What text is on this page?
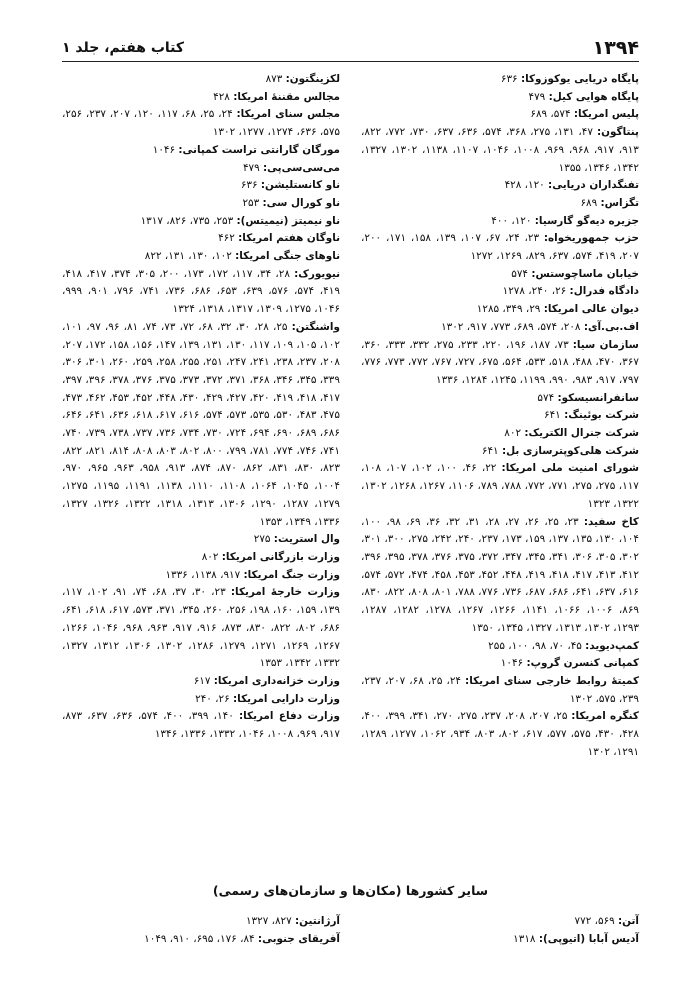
۱۳۹۴
کتاب هفتم، جلد ۱
پایگاه دریایی یوکوزوکا: ۶۳۶
پایگاه هوایی کیل: ۴۷۹
پلیس امریکا: ۵۷۴، ۶۸۹
پنتاگون: ۴۷، ۱۳۱، ۲۷۵، ۳۶۸، ۵۷۴، ۶۳۶، ۶۳۷، ۷۳۰، ۷۷۲، ۸۲۲، ۹۱۳، ۹۱۷، ۹۶۸، ۹۶۹، ۱۰۰۸، ۱۰۴۶، ۱۱۰۷، ۱۱۳۸، ۱۳۰۲، ۱۳۲۷، ۱۳۴۲، ۱۳۴۶، ۱۳۵۵
تفنگداران دریایی: ۱۲۰، ۴۲۸
تگزاس: ۶۸۹
جزیره دیه‌گو گارسیا: ۱۲۰، ۴۰۰
حزب جمهوریخواه: ۲۳، ۲۴، ۶۷، ۱۰۷، ۱۳۹، ۱۵۸، ۱۷۱، ۲۰۰، ۲۰۷، ۴۱۹، ۵۷۴، ۶۳۷، ۸۲۹، ۱۲۶۹، ۱۲۷۲
خیابان ماساچوستس: ۵۷۴
دادگاه فدرال: ۲۶، ۲۴۰، ۱۲۷۸
دیوان عالی امریکا: ۲۹، ۳۴۹، ۱۲۸۵
اف.بی.آی: ۲۰۸، ۵۷۴، ۶۸۹، ۷۷۳، ۹۱۷، ۱۳۰۲
سازمان سیا: ۷۳، ۱۸۷، ۱۹۶، ۲۲۰، ۲۳۳، ۲۷۵، ۳۳۲، ۳۳۳، ۳۶۰، ۳۶۷، ۴۷۰، ۴۸۸، ۵۱۸، ۵۳۳، ۵۶۴، ۶۷۵، ۷۲۷، ۷۶۷، ۷۷۲، ۷۷۳، ۷۷۶، ۷۹۷، ۹۱۷، ۹۸۳، ۹۹۰، ۱۱۹۹، ۱۲۴۵، ۱۲۸۴، ۱۳۳۶
سانفرانسیسکو: ۵۷۴
شرکت بوئینگ: ۶۴۱
شرکت جنرال الکتریک: ۸۰۲
شرکت هلی‌کوپترسازی بل: ۶۴۱
شورای امنیت ملی امریکا: ۲۲، ۴۶، ۱۰۰، ۱۰۲، ۱۰۷، ۱۰۸، ۱۱۷، ۲۷۵، ۲۷۵، ۷۷۱، ۷۷۲، ۷۸۸، ۷۸۹، ۱۱۰۶، ۱۲۶۷، ۱۲۶۸، ۱۳۰۲، ۱۳۲۲، ۱۳۲۳
کاخ سفید: ۲۳، ۲۵، ۲۶، ۲۷، ۲۸، ۳۱، ۳۲، ۳۶، ۶۹، ۹۸، ۱۰۰، ۱۰۴، ۱۳۰، ۱۳۵، ۱۳۷، ۱۵۹، ۱۷۳، ۲۳۷، ۲۴۰، ۲۴۲، ۲۷۵، ۳۰۰، ۳۰۱، ۳۰۲، ۳۰۵، ۳۰۶، ۳۴۱، ۳۴۵، ۳۴۷، ۳۷۲، ۳۷۵، ۳۷۶، ۳۷۸، ۳۹۵، ۳۹۶، ۴۱۲، ۴۱۳، ۴۱۷، ۴۱۸، ۴۱۹، ۴۴۸، ۴۵۲، ۴۵۳، ۴۵۸، ۴۷۴، ۵۷۲، ۵۷۴، ۶۱۶، ۶۳۷، ۶۴۱، ۶۸۶، ۶۸۷، ۷۳۶، ۷۷۶، ۷۸۸، ۸۰۱، ۸۰۸، ۸۲۲، ۸۳۰، ۸۶۹، ۱۰۰۶، ۱۰۶۶، ۱۱۴۱، ۱۲۶۶، ۱۲۶۷، ۱۲۷۸، ۱۲۸۲، ۱۲۸۷، ۱۲۹۳، ۱۳۰۲، ۱۳۱۳، ۱۳۲۷، ۱۳۴۵، ۱۳۵۰
کمپ‌دیوید: ۴۵، ۷۰، ۹۸، ۱۰۰، ۲۵۵
کمپانی کنسرن گروپ: ۱۰۴۶
کمیتهٔ روابط خارجی سنای امریکا: ۲۴، ۲۵، ۶۸، ۲۰۷، ۲۳۷، ۲۳۹، ۵۷۵، ۱۳۰۲
کنگره امریکا: ۲۵، ۲۰۷، ۲۰۸، ۲۳۷، ۲۷۵، ۲۷۰، ۳۴۱، ۳۹۹، ۴۰۰، ۴۲۸، ۴۳۰، ۵۷۵، ۵۷۷، ۶۱۷، ۸۰۲، ۸۰۳، ۹۳۴، ۱۰۶۲، ۱۲۷۷، ۱۲۸۹، ۱۲۹۱، ۱۳۰۲
لکزینگتون: ۸۷۳
مجالس مقننهٔ امریکا: ۴۲۸
مجلس سنای امریکا: ۲۴، ۲۵، ۶۸، ۱۱۷، ۱۲۰، ۲۰۷، ۲۳۷، ۲۵۶، ۵۷۵، ۶۳۶، ۱۲۷۴، ۱۲۷۷، ۱۳۰۲
مورگان گارانتی تراست کمپانی: ۱۰۴۶
می‌سی‌سی‌پی: ۴۷۹
ناو کانستلیشن: ۶۳۶
ناو کورال سی: ۲۵۳
ناو نیمیتز (نیمیتس): ۲۵۳، ۷۳۵، ۸۲۶، ۱۳۱۷
ناوگان هفتم امریکا: ۴۶۲
ناوهای جنگی امریکا: ۱۰۲، ۱۳۰، ۱۳۱، ۸۲۲
نیویورک: ۲۸، ۳۴، ۱۱۷، ۱۷۲، ۱۷۳، ۲۰۰، ۳۰۵، ۳۷۴، ۴۱۷، ۴۱۸، ۴۱۹، ۵۷۴، ۵۷۶، ۶۳۹، ۶۵۳، ۶۸۶، ۷۳۶، ۷۴۱، ۷۹۶، ۹۰۱، ۹۹۹، ۱۰۴۶، ۱۲۷۵، ۱۳۰۹، ۱۳۱۷، ۱۳۱۸، ۱۳۲۴
واشنگتن: ۲۵، ۲۸، ۳۰، ۳۲، ۶۸، ۷۲، ۷۳، ۷۴، ۸۱، ۹۶، ۹۷، ۱۰۱، ۱۰۲، ۱۰۵، ۱۰۹، ۱۱۷، ۱۳۰، ۱۳۱، ۱۳۹، ۱۴۷، ۱۵۶، ۱۵۸، ۱۷۲، ۲۰۷، ۲۰۸، ۲۳۷، ۲۳۸، ۲۴۱، ۲۴۷، ۲۵۱، ۲۵۵، ۲۵۸، ۲۵۹، ۲۶۰، ۳۰۱، ۳۰۶، ۳۳۹، ۳۴۵، ۳۴۶، ۳۶۸، ۳۷۱، ۳۷۲، ۳۷۳، ۳۷۵، ۳۷۶، ۳۷۸، ۳۹۶، ۳۹۷، ۴۱۷، ۴۱۸، ۴۱۹، ۴۲۰، ۴۲۷، ۴۲۹، ۴۳۰، ۴۴۸، ۴۵۲، ۴۵۳، ۴۶۲، ۴۷۳، ۴۷۵، ۴۸۳، ۵۳۰، ۵۳۵، ۵۷۳، ۵۷۴، ۶۱۶، ۶۱۷، ۶۱۸، ۶۳۶، ۶۴۱، ۶۴۶، ۶۸۶، ۶۸۹، ۶۹۰، ۶۹۴، ۷۲۴، ۷۳۰، ۷۳۴، ۷۳۶، ۷۳۷، ۷۳۸، ۷۳۹، ۷۴۰، ۷۴۱، ۷۴۶، ۷۷۴، ۷۸۱، ۷۹۹، ۸۰۰، ۸۰۲، ۸۰۳، ۸۰۸، ۸۱۴، ۸۲۱، ۸۲۲، ۸۲۳، ۸۳۰، ۸۳۱، ۸۶۲، ۸۷۰، ۸۷۴، ۹۱۳، ۹۵۸، ۹۶۳، ۹۶۵، ۹۷۰، ۱۰۰۴، ۱۰۴۵، ۱۰۶۴، ۱۱۰۸، ۱۱۱۰، ۱۱۳۸، ۱۱۹۱، ۱۱۹۵، ۱۲۷۵، ۱۲۷۹، ۱۲۸۷، ۱۲۹۰، ۱۳۰۶، ۱۳۱۳، ۱۳۱۸، ۱۳۲۲، ۱۳۲۶، ۱۳۲۷، ۱۳۳۶، ۱۳۴۹، ۱۳۵۳
وال استریت: ۲۷۵
وزارت بازرگانی امریکا: ۸۰۲
وزارت جنگ امریکا: ۹۱۷، ۱۱۳۸، ۱۳۳۶
وزارت خارجهٔ امریکا: ۲۳، ۳۰، ۳۷، ۶۸، ۷۴، ۹۱، ۱۰۲، ۱۱۷، ۱۳۹، ۱۵۹، ۱۶۰، ۱۹۸، ۲۵۶، ۲۶۰، ۳۴۵، ۳۷۱، ۵۷۳، ۶۱۷، ۶۱۸، ۶۴۱، ۶۸۶، ۸۰۲، ۸۲۲، ۸۳۰، ۸۷۳، ۹۱۶، ۹۱۷، ۹۶۳، ۹۶۸، ۱۰۴۶، ۱۲۶۶، ۱۲۶۷، ۱۲۶۹، ۱۲۷۱، ۱۲۷۹، ۱۲۸۶، ۱۳۰۲، ۱۳۰۶، ۱۳۱۲، ۱۳۲۷، ۱۳۳۲، ۱۳۴۲، ۱۳۵۳
وزارت خزانه‌داری امریکا: ۶۱۷
وزارت دارایی امریکا: ۲۶، ۲۴۰
وزارت دفاع امریکا: ۱۴۰، ۳۹۹، ۴۰۰، ۵۷۴، ۶۳۶، ۶۳۷، ۸۷۳، ۹۱۷، ۹۶۹، ۱۰۰۸، ۱۰۴۶، ۱۳۳۲، ۱۳۳۶، ۱۳۴۶
سایر کشورها (مکان‌ها و سازمان‌های رسمی)
آتن: ۵۶۹، ۷۷۲
آدیس آبابا (اتیوپی): ۱۳۱۸
آرژانتین: ۸۲۷، ۱۳۲۷
آفریقای جنوبی: ۸۴، ۱۷۶، ۶۹۵، ۹۱۰، ۱۰۴۹
